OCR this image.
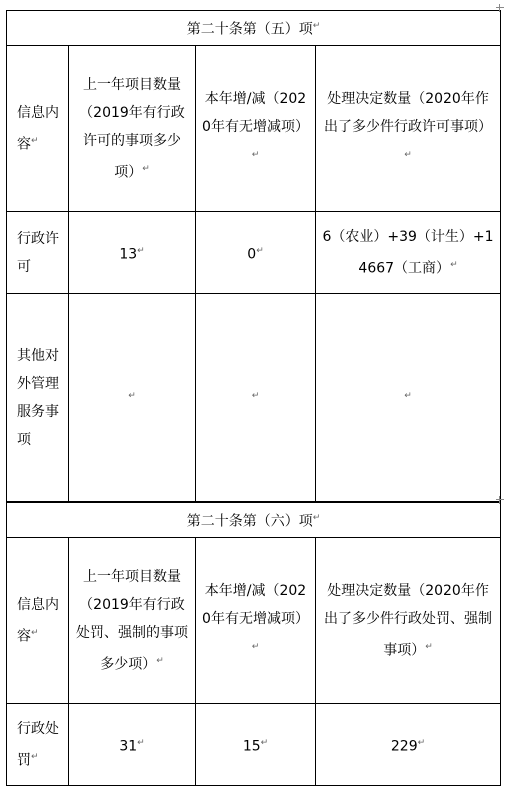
第二十条第（五）项↵
信息内容↵	上一年项目数量（2019年有行政许可的事项多少项）↵	本年增/减（2020年有无增减项）↵	处理决定数量（2020年作出了多少件行政许可事项）↵
行政许可	13↵	0↵	6（农业）+39（计生）+14667（工商）↵
其他对外管理服务事项	↵	↵	↵
第二十条第（六）项↵
信息内容↵	上一年项目数量（2019年有行政处罚、强制的事项多少项）↵	本年增/减（2020年有无增减项）↵	处理决定数量（2020年作出了多少件行政处罚、强制事项）↵
行政处罚↵	31↵	15↵	229↵
